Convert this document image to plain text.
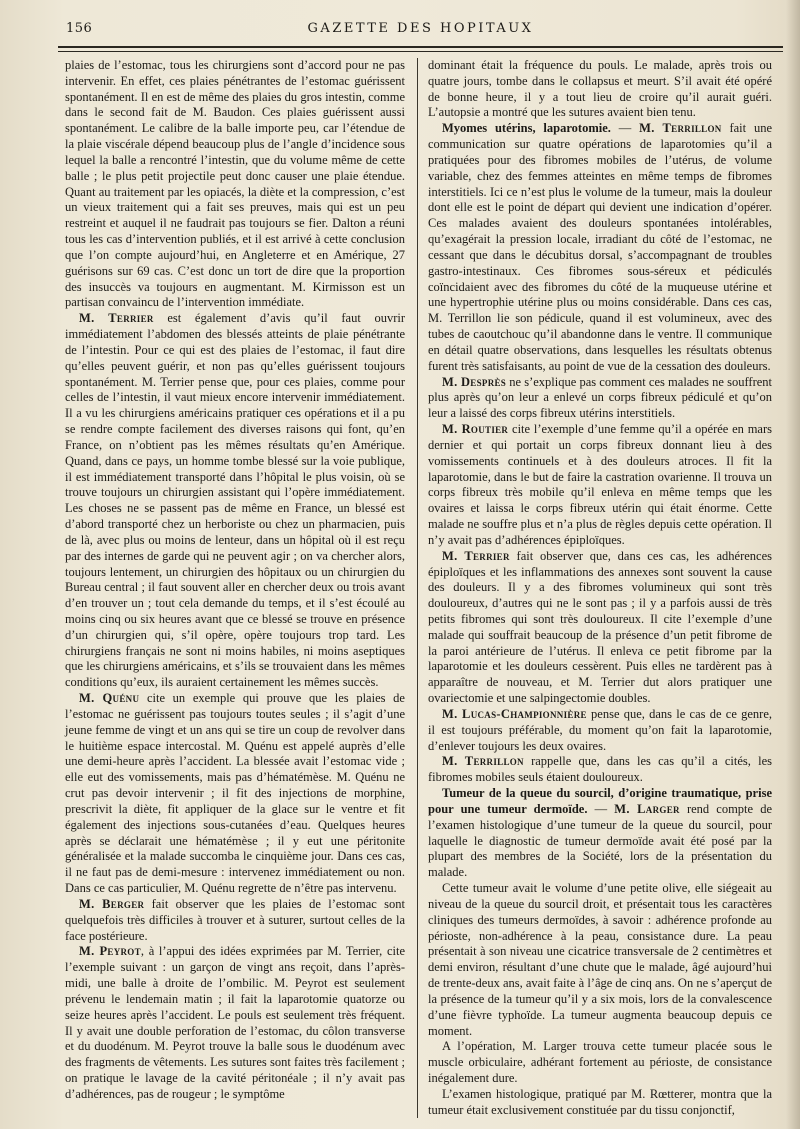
156	GAZETTE DES HOPITAUX

plaies de l’estomac, tous les chirurgiens sont d’accord pour ne pas intervenir. En effet, ces plaies pénétrantes de l’estomac guérissent spontanément. Il en est de même des plaies du gros intestin, comme dans le second fait de M. Baudon. Ces plaies guérissent aussi spontanément. Le calibre de la balle importe peu, car l’étendue de la plaie viscérale dépend beaucoup plus de l’angle d’incidence sous lequel la balle a rencontré l’intestin, que du volume même de cette balle ; le plus petit projectile peut donc causer une plaie étendue. Quant au traitement par les opiacés, la diète et la compression, c’est un vieux traitement qui a fait ses preuves, mais qui est un peu restreint et auquel il ne faudrait pas toujours se fier. Dalton a réuni tous les cas d’intervention publiés, et il est arrivé à cette conclusion que l’on compte aujourd’hui, en Angleterre et en Amérique, 27 guérisons sur 69 cas. C’est donc un tort de dire que la proportion des insuccès va toujours en augmentant. M. Kirmisson est un partisan convaincu de l’intervention immédiate.

M. Terrier est également d’avis qu’il faut ouvrir immédiatement l’abdomen des blessés atteints de plaie pénétrante de l’intestin. Pour ce qui est des plaies de l’estomac, il faut dire qu’elles peuvent guérir, et non pas qu’elles guérissent toujours spontanément. M. Terrier pense que, pour ces plaies, comme pour celles de l’intestin, il vaut mieux encore intervenir immédiatement. Il a vu les chirurgiens américains pratiquer ces opérations et il a pu se rendre compte facilement des diverses raisons qui font, qu’en France, on n’obtient pas les mêmes résultats qu’en Amérique. Quand, dans ce pays, un homme tombe blessé sur la voie publique, il est immédiatement transporté dans l’hôpital le plus voisin, où se trouve toujours un chirurgien assistant qui l’opère immédiatement. Les choses ne se passent pas de même en France, un blessé est d’abord transporté chez un herboriste ou chez un pharmacien, puis de là, avec plus ou moins de lenteur, dans un hôpital où il est reçu par des internes de garde qui ne peuvent agir ; on va chercher alors, toujours lentement, un chirurgien des hôpitaux ou un chirurgien du Bureau central ; il faut souvent aller en chercher deux ou trois avant d’en trouver un ; tout cela demande du temps, et il s’est écoulé au moins cinq ou six heures avant que ce blessé se trouve en présence d’un chirurgien qui, s’il opère, opère toujours trop tard. Les chirurgiens français ne sont ni moins habiles, ni moins aseptiques que les chirurgiens américains, et s’ils se trouvaient dans les mêmes conditions qu’eux, ils auraient certainement les mêmes succès.

M. Quénu cite un exemple qui prouve que les plaies de l’estomac ne guérissent pas toujours toutes seules ; il s’agit d’une jeune femme de vingt et un ans qui se tire un coup de revolver dans le huitième espace intercostal. M. Quénu est appelé auprès d’elle une demi-heure après l’accident. La blessée avait l’estomac vide ; elle eut des vomissements, mais pas d’hématémèse. M. Quénu ne crut pas devoir intervenir ; il fit des injections de morphine, prescrivit la diète, fit appliquer de la glace sur le ventre et fit également des injections sous-cutanées d’eau. Quelques heures après se déclarait une hématémèse ; il y eut une péritonite généralisée et la malade succomba le cinquième jour. Dans ces cas, il ne faut pas de demi-mesure : intervenez immédiatement ou non. Dans ce cas particulier, M. Quénu regrette de n’être pas intervenu.

M. Berger fait observer que les plaies de l’estomac sont quelquefois très difficiles à trouver et à suturer, surtout celles de la face postérieure.

M. Peyrot, à l’appui des idées exprimées par M. Terrier, cite l’exemple suivant : un garçon de vingt ans reçoit, dans l’après-midi, une balle à droite de l’ombilic. M. Peyrot est seulement prévenu le lendemain matin ; il fait la laparotomie quatorze ou seize heures après l’accident. Le pouls est seulement très fréquent. Il y avait une double perforation de l’estomac, du côlon transverse et du duodénum. M. Peyrot trouve la balle sous le duodénum avec des fragments de vêtements. Les sutures sont faites très facilement ; on pratique le lavage de la cavité péritonéale ; il n’y avait pas d’adhérences, pas de rougeur ; le symptôme

dominant était la fréquence du pouls. Le malade, après trois ou quatre jours, tombe dans le collapsus et meurt. S’il avait été opéré de bonne heure, il y a tout lieu de croire qu’il aurait guéri. L’autopsie a montré que les sutures avaient bien tenu.

Myomes utérins, laparotomie. — M. Terrillon fait une communication sur quatre opérations de laparotomies qu’il a pratiquées pour des fibromes mobiles de l’utérus, de volume variable, chez des femmes atteintes en même temps de fibromes interstitiels. Ici ce n’est plus le volume de la tumeur, mais la douleur dont elle est le point de départ qui devient une indication d’opérer. Ces malades avaient des douleurs spontanées intolérables, qu’exagérait la pression locale, irradiant du côté de l’estomac, ne cessant que dans le décubitus dorsal, s’accompagnant de troubles gastro-intestinaux. Ces fibromes sous-séreux et pédiculés coïncidaient avec des fibromes du côté de la muqueuse utérine et une hypertrophie utérine plus ou moins considérable. Dans ces cas, M. Terrillon lie son pédicule, quand il est volumineux, avec des tubes de caoutchouc qu’il abandonne dans le ventre. Il communique en détail quatre observations, dans lesquelles les résultats obtenus furent très satisfaisants, au point de vue de la cessation des douleurs.

M. Desprès ne s’explique pas comment ces malades ne souffrent plus après qu’on leur a enlevé un corps fibreux pédiculé et qu’on leur a laissé des corps fibreux utérins interstitiels.

M. Routier cite l’exemple d’une femme qu’il a opérée en mars dernier et qui portait un corps fibreux donnant lieu à des vomissements continuels et à des douleurs atroces. Il fit la laparotomie, dans le but de faire la castration ovarienne. Il trouva un corps fibreux très mobile qu’il enleva en même temps que les ovaires et laissa le corps fibreux utérin qui était énorme. Cette malade ne souffre plus et n’a plus de règles depuis cette opération. Il n’y avait pas d’adhérences épiploïques.

M. Terrier fait observer que, dans ces cas, les adhérences épiploïques et les inflammations des annexes sont souvent la cause des douleurs. Il y a des fibromes volumineux qui sont très douloureux, d’autres qui ne le sont pas ; il y a parfois aussi de très petits fibromes qui sont très douloureux. Il cite l’exemple d’une malade qui souffrait beaucoup de la présence d’un petit fibrome de la paroi antérieure de l’utérus. Il enleva ce petit fibrome par la laparotomie et les douleurs cessèrent. Puis elles ne tardèrent pas à apparaître de nouveau, et M. Terrier dut alors pratiquer une ovariectomie et une salpingectomie doubles.

M. Lucas-Championnière pense que, dans le cas de ce genre, il est toujours préférable, du moment qu’on fait la laparotomie, d’enlever toujours les deux ovaires.

M. Terrillon rappelle que, dans les cas qu’il a cités, les fibromes mobiles seuls étaient douloureux.

Tumeur de la queue du sourcil, d’origine traumatique, prise pour une tumeur dermoïde. — M. Larger rend compte de l’examen histologique d’une tumeur de la queue du sourcil, pour laquelle le diagnostic de tumeur dermoïde avait été posé par la plupart des membres de la Société, lors de la présentation du malade.

Cette tumeur avait le volume d’une petite olive, elle siégeait au niveau de la queue du sourcil droit, et présentait tous les caractères cliniques des tumeurs dermoïdes, à savoir : adhérence profonde au périoste, non-adhérence à la peau, consistance dure. La peau présentait à son niveau une cicatrice transversale de 2 centimètres et demi environ, résultant d’une chute que le malade, âgé aujourd’hui de trente-deux ans, avait faite à l’âge de cinq ans. On ne s’aperçut de la présence de la tumeur qu’il y a six mois, lors de la convalescence d’une fièvre typhoïde. La tumeur augmenta beaucoup depuis ce moment.

A l’opération, M. Larger trouva cette tumeur placée sous le muscle orbiculaire, adhérant fortement au périoste, de consistance inégalement dure.

L’examen histologique, pratiqué par M. Rœtterer, montra que la tumeur était exclusivement constituée par du tissu conjonctif,
